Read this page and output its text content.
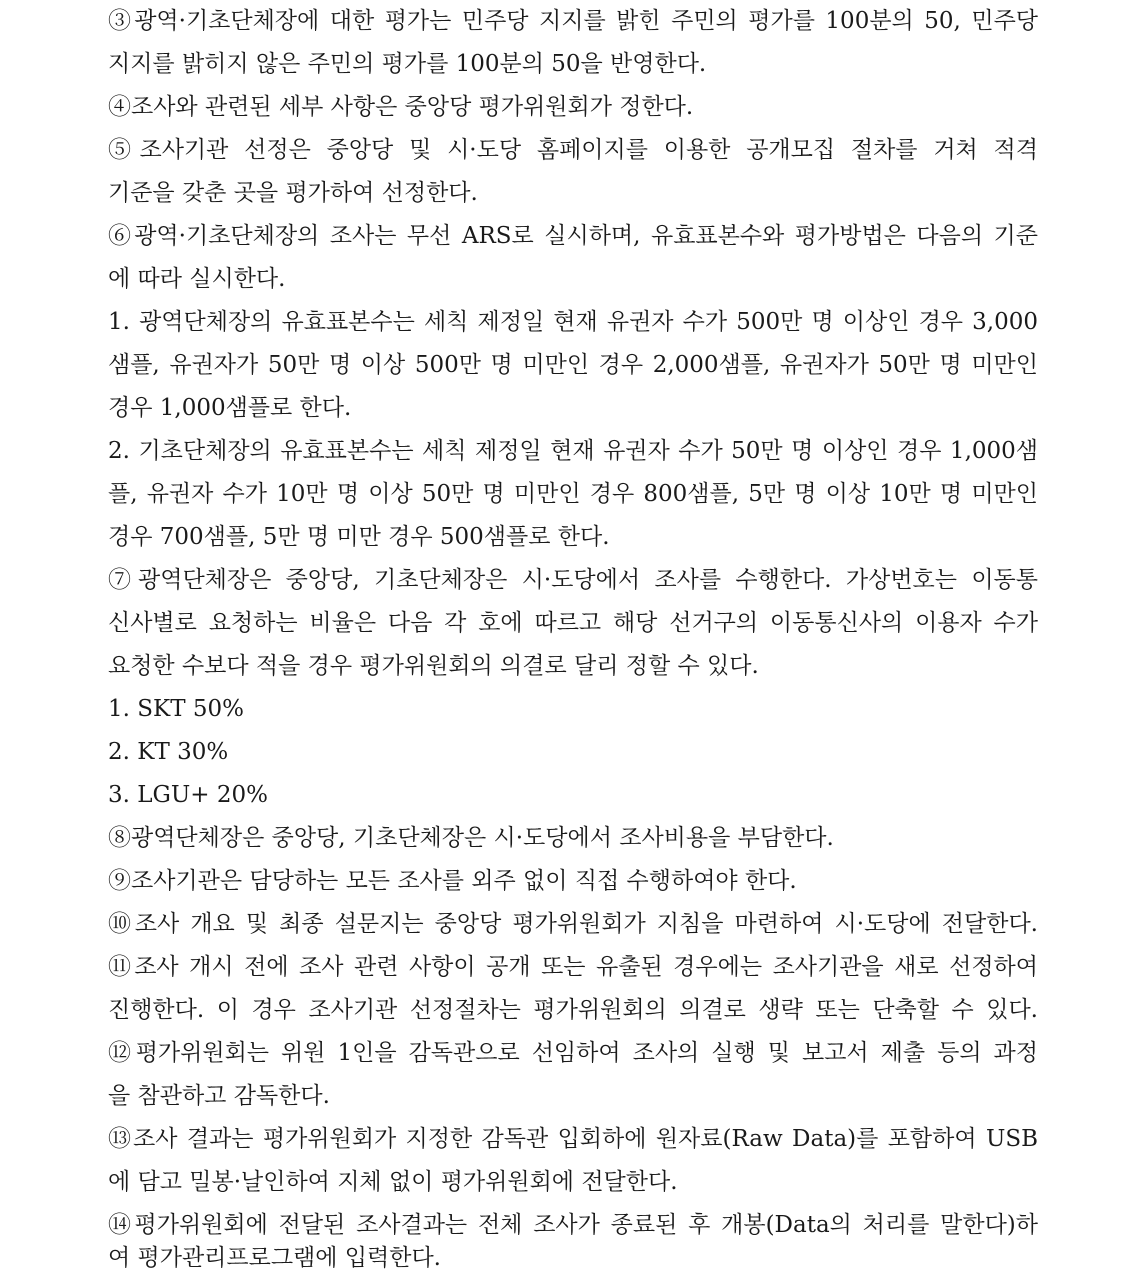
③광역·기초단체장에 대한 평가는 민주당 지지를 밝힌 주민의 평가를 100분의 50, 민주당
지지를 밝히지 않은 주민의 평가를 100분의 50을 반영한다.
④조사와 관련된 세부 사항은 중앙당 평가위원회가 정한다.
⑤조사기관 선정은 중앙당 및 시·도당 홈페이지를 이용한 공개모집 절차를 거쳐 적격
기준을 갖춘 곳을 평가하여 선정한다.
⑥광역·기초단체장의 조사는 무선 ARS로 실시하며, 유효표본수와 평가방법은 다음의 기준
에 따라 실시한다.
1. 광역단체장의 유효표본수는 세칙 제정일 현재 유권자 수가 500만 명 이상인 경우 3,000
샘플, 유권자가 50만 명 이상 500만 명 미만인 경우 2,000샘플, 유권자가 50만 명 미만인
경우 1,000샘플로 한다.
2. 기초단체장의 유효표본수는 세칙 제정일 현재 유권자 수가 50만 명 이상인 경우 1,000샘
플, 유권자 수가 10만 명 이상 50만 명 미만인 경우 800샘플, 5만 명 이상 10만 명 미만인
경우 700샘플, 5만 명 미만 경우 500샘플로 한다.
⑦광역단체장은 중앙당, 기초단체장은 시·도당에서 조사를 수행한다. 가상번호는 이동통
신사별로 요청하는 비율은 다음 각 호에 따르고 해당 선거구의 이동통신사의 이용자 수가
요청한 수보다 적을 경우 평가위원회의 의결로 달리 정할 수 있다.
1. SKT 50%
2. KT 30%
3. LGU+ 20%
⑧광역단체장은 중앙당, 기초단체장은 시·도당에서 조사비용을 부담한다.
⑨조사기관은 담당하는 모든 조사를 외주 없이 직접 수행하여야 한다.
⑩조사 개요 및 최종 설문지는 중앙당 평가위원회가 지침을 마련하여 시·도당에 전달한다.
⑪조사 개시 전에 조사 관련 사항이 공개 또는 유출된 경우에는 조사기관을 새로 선정하여
진행한다. 이 경우 조사기관 선정절차는 평가위원회의 의결로 생략 또는 단축할 수 있다.
⑫평가위원회는 위원 1인을 감독관으로 선임하여 조사의 실행 및 보고서 제출 등의 과정
을 참관하고 감독한다.
⑬조사 결과는 평가위원회가 지정한 감독관 입회하에 원자료(Raw Data)를 포함하여 USB
에 담고 밀봉·날인하여 지체 없이 평가위원회에 전달한다.
⑭평가위원회에 전달된 조사결과는 전체 조사가 종료된 후 개봉(Data의 처리를 말한다)하
여 평가관리프로그램에 입력한다.
